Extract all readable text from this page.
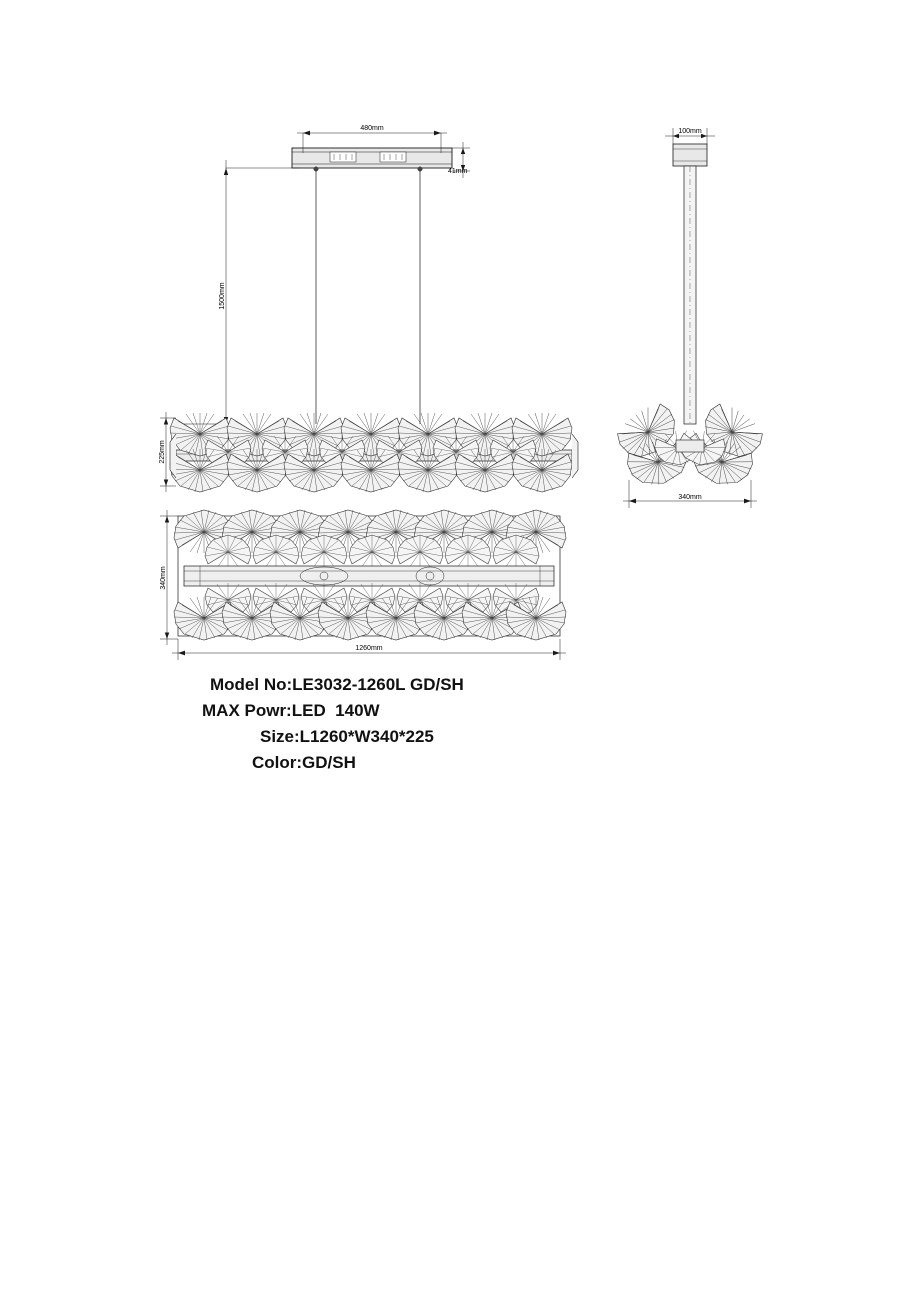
480mm
41mm
1500mm
225mm
340mm
1260mm
100mm
340mm
Model No:LE3032-1260L GD/SH
MAX Powr:LED  140W
Size:L1260*W340*225
Color:GD/SH
